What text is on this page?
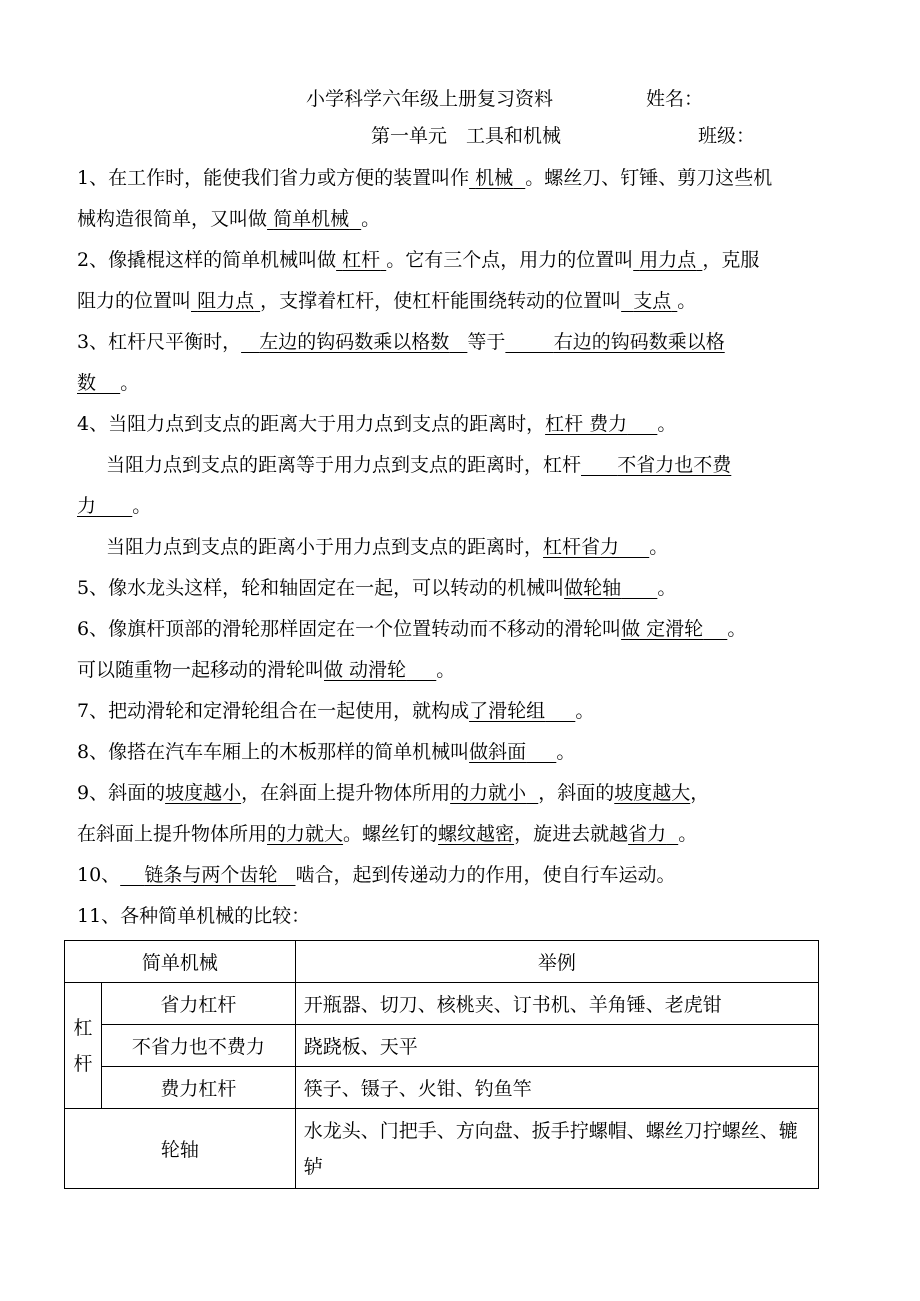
小学科学六年级上册复习资料	姓名：
第一单元　工具和机械	班级：
1、在工作时，能使我们省力或方便的装置叫作 机械 。螺丝刀、钉锤、剪刀这些机
械构造很简单，又叫做 简单机械 。
2、像撬棍这样的简单机械叫做 杠杆 。它有三个点，用力的位置叫 用力点 ，克服
阻力的位置叫 阻力点 ，支撑着杠杆，使杠杆能围绕转动的位置叫 支点 。
3、杠杆尺平衡时， 左边的钩码数乘以格数 等于	右边的钩码数乘以格
数 。
4、当阻力点到支点的距离大于用力点到支点的距离时，杠杆 费力 。
当阻力点到支点的距离等于用力点到支点的距离时，杠杆 不省力也不费
力 。
当阻力点到支点的距离小于用力点到支点的距离时，杠杆省力 。
5、像水龙头这样，轮和轴固定在一起，可以转动的机械叫做轮轴 。
6、像旗杆顶部的滑轮那样固定在一个位置转动而不移动的滑轮叫做 定滑轮 。
可以随重物一起移动的滑轮叫做 动滑轮 。
7、把动滑轮和定滑轮组合在一起使用，就构成了滑轮组 。
8、像搭在汽车车厢上的木板那样的简单机械叫做斜面 。
9、斜面的坡度越小，在斜面上提升物体所用的力就小 ，斜面的坡度越大，
在斜面上提升物体所用的力就大。螺丝钉的螺纹越密，旋进去就越省力 。
10、 链条与两个齿轮 啮合，起到传递动力的作用，使自行车运动。
11、各种简单机械的比较：
简单机械		举例
杠杆	省力杠杆	开瓶器、切刀、核桃夹、订书机、羊角锤、老虎钳
	不省力也不费力	跷跷板、天平
	费力杠杆	筷子、镊子、火钳、钓鱼竿
轮轴		水龙头、门把手、方向盘、扳手拧螺帽、螺丝刀拧螺丝、辘轳
